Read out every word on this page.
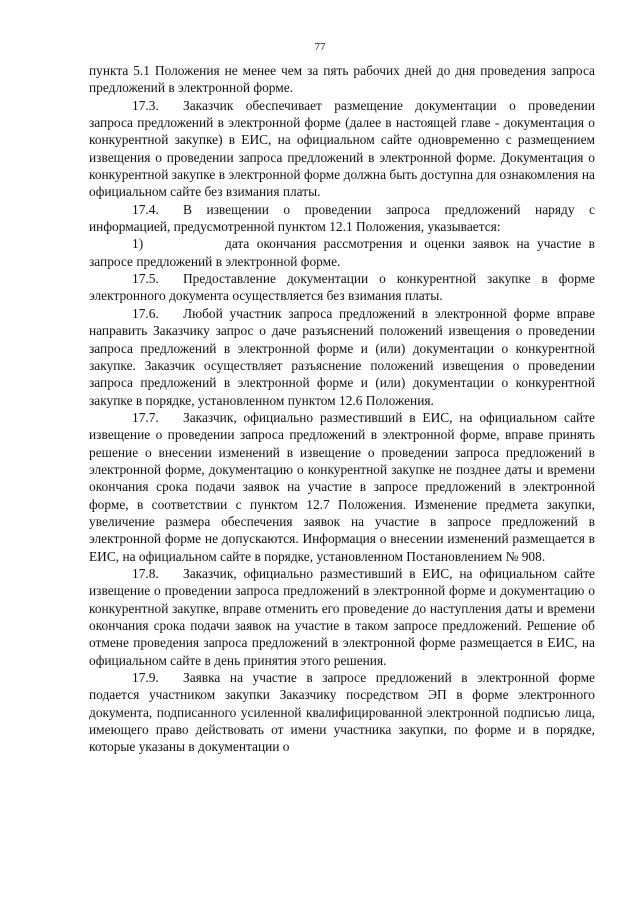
77

пункта 5.1 Положения не менее чем за пять рабочих дней до дня проведения запроса предложений в электронной форме.

17.3. Заказчик обеспечивает размещение документации о проведении запроса предложений в электронной форме (далее в настоящей главе - документация о конкурентной закупке) в ЕИС, на официальном сайте одновременно с размещением извещения о проведении запроса предложений в электронной форме. Документация о конкурентной закупке в электронной форме должна быть доступна для ознакомления на официальном сайте без взимания платы.

17.4. В извещении о проведении запроса предложений наряду с информацией, предусмотренной пунктом 12.1 Положения, указывается:

1)	дата окончания рассмотрения и оценки заявок на участие в запросе предложений в электронной форме.

17.5. Предоставление документации о конкурентной закупке в форме электронного документа осуществляется без взимания платы.

17.6. Любой участник запроса предложений в электронной форме вправе направить Заказчику запрос о даче разъяснений положений извещения о проведении запроса предложений в электронной форме и (или) документации о конкурентной закупке. Заказчик осуществляет разъяснение положений извещения о проведении запроса предложений в электронной форме и (или) документации о конкурентной закупке в порядке, установленном пунктом 12.6 Положения.

17.7. Заказчик, официально разместивший в ЕИС, на официальном сайте извещение о проведении запроса предложений в электронной форме, вправе принять решение о внесении изменений в извещение о проведении запроса предложений в электронной форме, документацию о конкурентной закупке не позднее даты и времени окончания срока подачи заявок на участие в запросе предложений в электронной форме, в соответствии с пунктом 12.7 Положения. Изменение предмета закупки, увеличение размера обеспечения заявок на участие в запросе предложений в электронной форме не допускаются. Информация о внесении изменений размещается в ЕИС, на официальном сайте в порядке, установленном Постановлением № 908.

17.8. Заказчик, официально разместивший в ЕИС, на официальном сайте извещение о проведении запроса предложений в электронной форме и документацию о конкурентной закупке, вправе отменить его проведение до наступления даты и времени окончания срока подачи заявок на участие в таком запросе предложений. Решение об отмене проведения запроса предложений в электронной форме размещается в ЕИС, на официальном сайте в день принятия этого решения.

17.9. Заявка на участие в запросе предложений в электронной форме подается участником закупки Заказчику посредством ЭП в форме электронного документа, подписанного усиленной квалифицированной электронной подписью лица, имеющего право действовать от имени участника закупки, по форме и в порядке, которые указаны в документации о
